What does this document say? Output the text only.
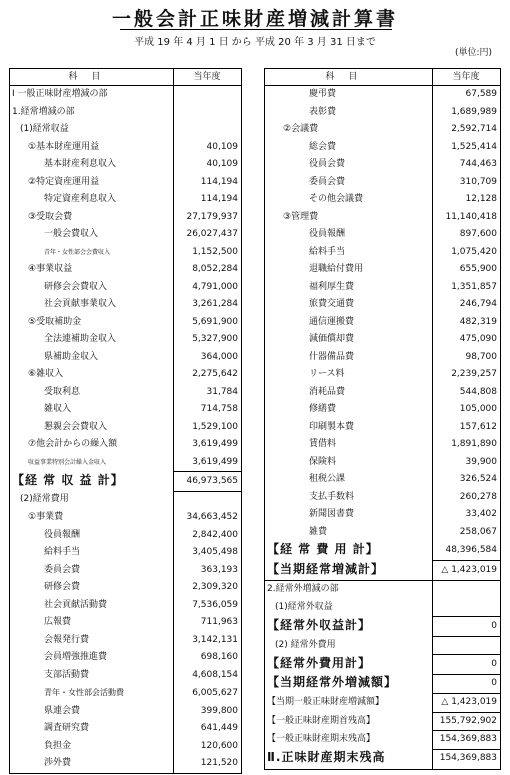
一般会計正味財産増減計算書
平成 19 年 4 月 1 日 から 平成 20 年 3 月 31 日まで
(単位:円)
科目	当年度
Ⅰ 一般正味財産増減の部	
1.経常増減の部	
(1)経常収益	
①基本財産運用益	40,109
基本財産利息収入	40,109
②特定資産運用益	114,194
特定資産利息収入	114,194
③受取会費	27,179,937
一般会費収入	26,027,437
青年・女性部会会費収入	1,152,500
④事業収益	8,052,284
研修会会費収入	4,791,000
社会貢献事業収入	3,261,284
⑤受取補助金	5,691,900
全法連補助金収入	5,327,900
県補助金収入	364,000
⑥雑収入	2,275,642
受取利息	31,784
雑収入	714,758
懇親会会費収入	1,529,100
⑦他会計からの繰入額	3,619,499
収益事業特別会計繰入金収入	3,619,499
【経 常 収 益 計】	46,973,565
(2)経常費用	
①事業費	34,663,452
役員報酬	2,842,400
給料手当	3,405,498
委員会費	363,193
研修会費	2,309,320
社会貢献活動費	7,536,059
広報費	711,963
会報発行費	3,142,131
会員増強推進費	698,160
支部活動費	4,608,154
青年・女性部会活動費	6,005,627
県連会費	399,800
調査研究費	641,449
負担金	120,600
渉外費	121,520
科目	当年度
慶弔費	67,589
表彰費	1,689,989
②会議費	2,592,714
総会費	1,525,414
役員会費	744,463
委員会費	310,709
その他会議費	12,128
③管理費	11,140,418
役員報酬	897,600
給料手当	1,075,420
退職給付費用	655,900
福利厚生費	1,351,857
旅費交通費	246,794
通信運搬費	482,319
減価償却費	475,090
什器備品費	98,700
リース料	2,239,257
消耗品費	544,808
修繕費	105,000
印刷製本費	157,612
賃借料	1,891,890
保険料	39,900
租税公課	326,524
支払手数料	260,278
新聞図書費	33,402
雑費	258,067
【経 常 費 用 計】	48,396,584
【当期経常増減計】	△ 1,423,019
2.経常外増減の部	
(1)経常外収益	
【経常外収益計】	0
(2) 経常外費用	
【経常外費用計】	0
【当期経常外増減額】	0
【当期一般正味財産増減額】	△ 1,423,019
【一般正味財産期首残高】	155,792,902
【一般正味財産期末残高】	154,369,883
Ⅱ.正味財産期末残高	154,369,883
